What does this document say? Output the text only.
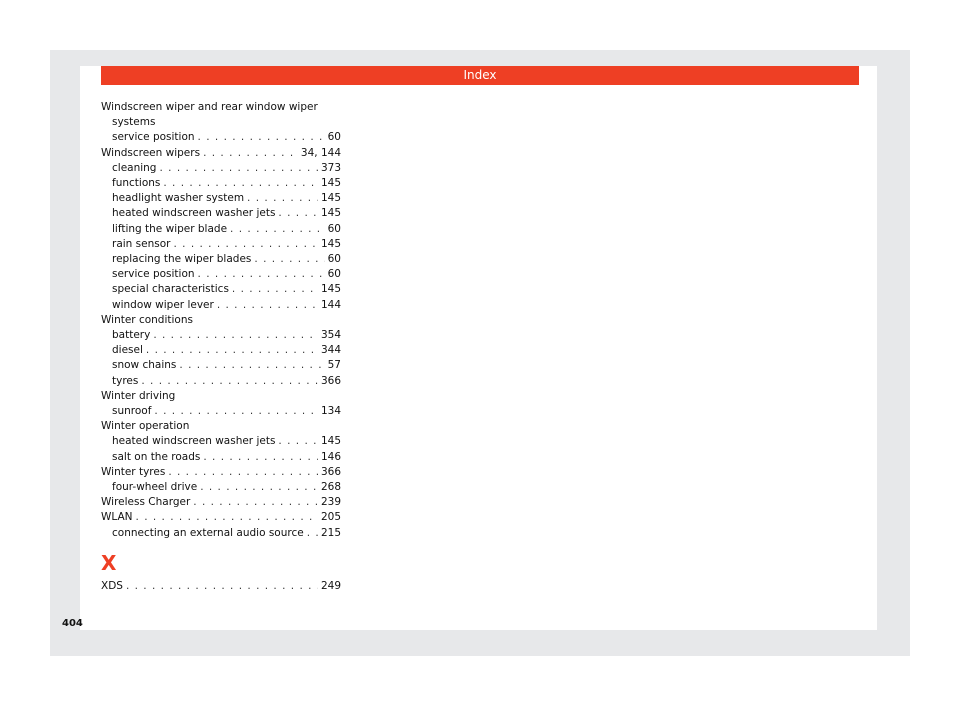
Index
Windscreen wiper and rear window wiper
systems
service position . . .	60
Windscreen wipers . . .	34, 144
cleaning . . .	373
functions . . .	145
headlight washer system . . .	145
heated windscreen washer jets . . .	145
lifting the wiper blade . . .	60
rain sensor . . .	145
replacing the wiper blades . . .	60
service position . . .	60
special characteristics . . .	145
window wiper lever . . .	144
Winter conditions
battery . . .	354
diesel . . .	344
snow chains . . .	57
tyres . . .	366
Winter driving
sunroof . . .	134
Winter operation
heated windscreen washer jets . . .	145
salt on the roads . . .	146
Winter tyres . . .	366
four-wheel drive . . .	268
Wireless Charger . . .	239
WLAN . . .	205
connecting an external audio source . . . 215
X
XDS . . .	249
404
